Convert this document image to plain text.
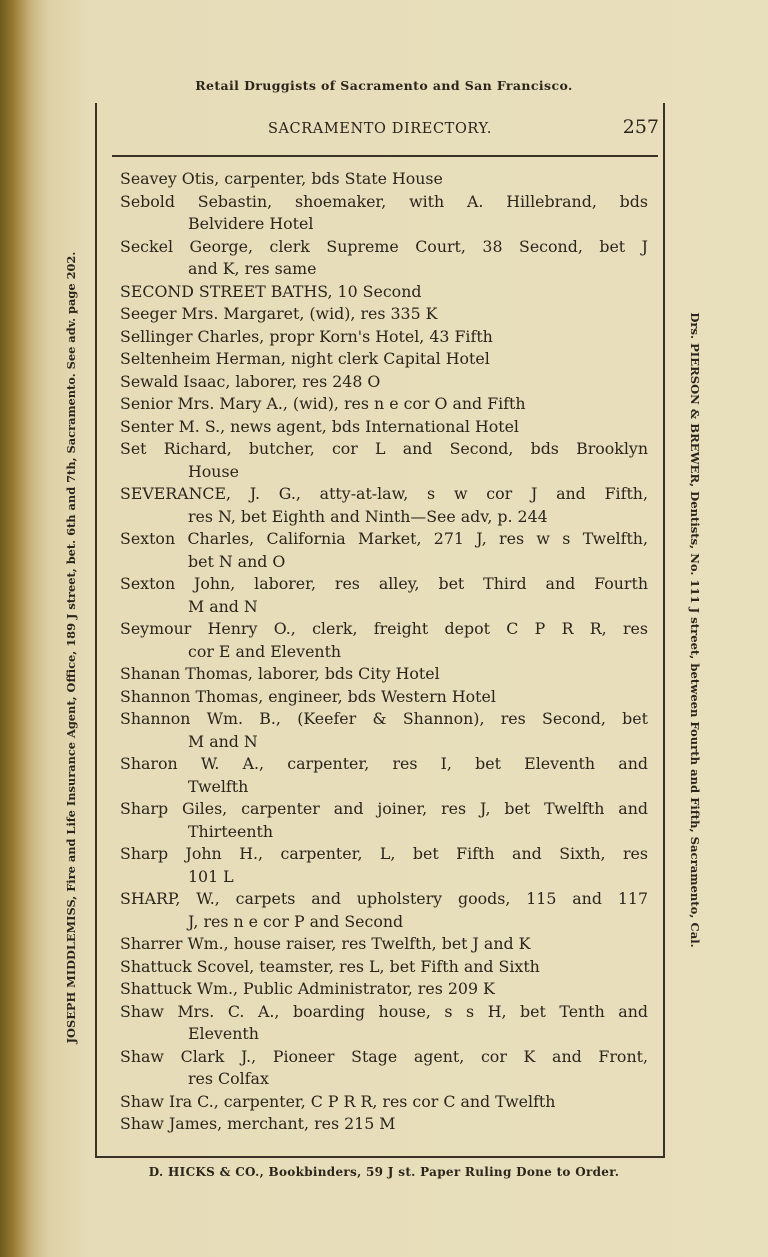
Retail Druggists of Sacramento and San Francisco.
JOSEPH MIDDLEMISS, Fire and Life Insurance Agent, Office, 189 J street, bet. 6th and 7th, Sacramento. See adv. page 202.	Drs. PIERSON & BREWER, Dentists, No. 111 J street, between Fourth and Fifth, Sacramento, Cal.
SACRAMENTO DIRECTORY.	257
Seavey Otis, carpenter, bds State House
Sebold Sebastin, shoemaker, with A. Hillebrand, bds
Belvidere Hotel
Seckel George, clerk Supreme Court, 38 Second, bet J
and K, res same
SECOND STREET BATHS, 10 Second
Seeger Mrs. Margaret, (wid), res 335 K
Sellinger Charles, propr Korn's Hotel, 43 Fifth
Seltenheim Herman, night clerk Capital Hotel
Sewald Isaac, laborer, res 248 O
Senior Mrs. Mary A., (wid), res n e cor O and Fifth
Senter M. S., news agent, bds International Hotel
Set Richard, butcher, cor L and Second, bds Brooklyn
House
SEVERANCE, J. G., atty-at-law, s w cor J and Fifth,
res N, bet Eighth and Ninth—See adv, p. 244
Sexton Charles, California Market, 271 J, res w s Twelfth,
bet N and O
Sexton John, laborer, res alley, bet Third and Fourth
M and N
Seymour Henry O., clerk, freight depot C P R R, res
cor E and Eleventh
Shanan Thomas, laborer, bds City Hotel
Shannon Thomas, engineer, bds Western Hotel
Shannon Wm. B., (Keefer & Shannon), res Second, bet
M and N
Sharon W. A., carpenter, res I, bet Eleventh and
Twelfth
Sharp Giles, carpenter and joiner, res J, bet Twelfth and
Thirteenth
Sharp John H., carpenter, L, bet Fifth and Sixth, res
101 L
SHARP, W., carpets and upholstery goods, 115 and 117
J, res n e cor P and Second
Sharrer Wm., house raiser, res Twelfth, bet J and K
Shattuck Scovel, teamster, res L, bet Fifth and Sixth
Shattuck Wm., Public Administrator, res 209 K
Shaw Mrs. C. A., boarding house, s s H, bet Tenth and
Eleventh
Shaw Clark J., Pioneer Stage agent, cor K and Front,
res Colfax
Shaw Ira C., carpenter, C P R R, res cor C and Twelfth
Shaw James, merchant, res 215 M
D. HICKS & CO., Bookbinders, 59 J st. Paper Ruling Done to Order.
